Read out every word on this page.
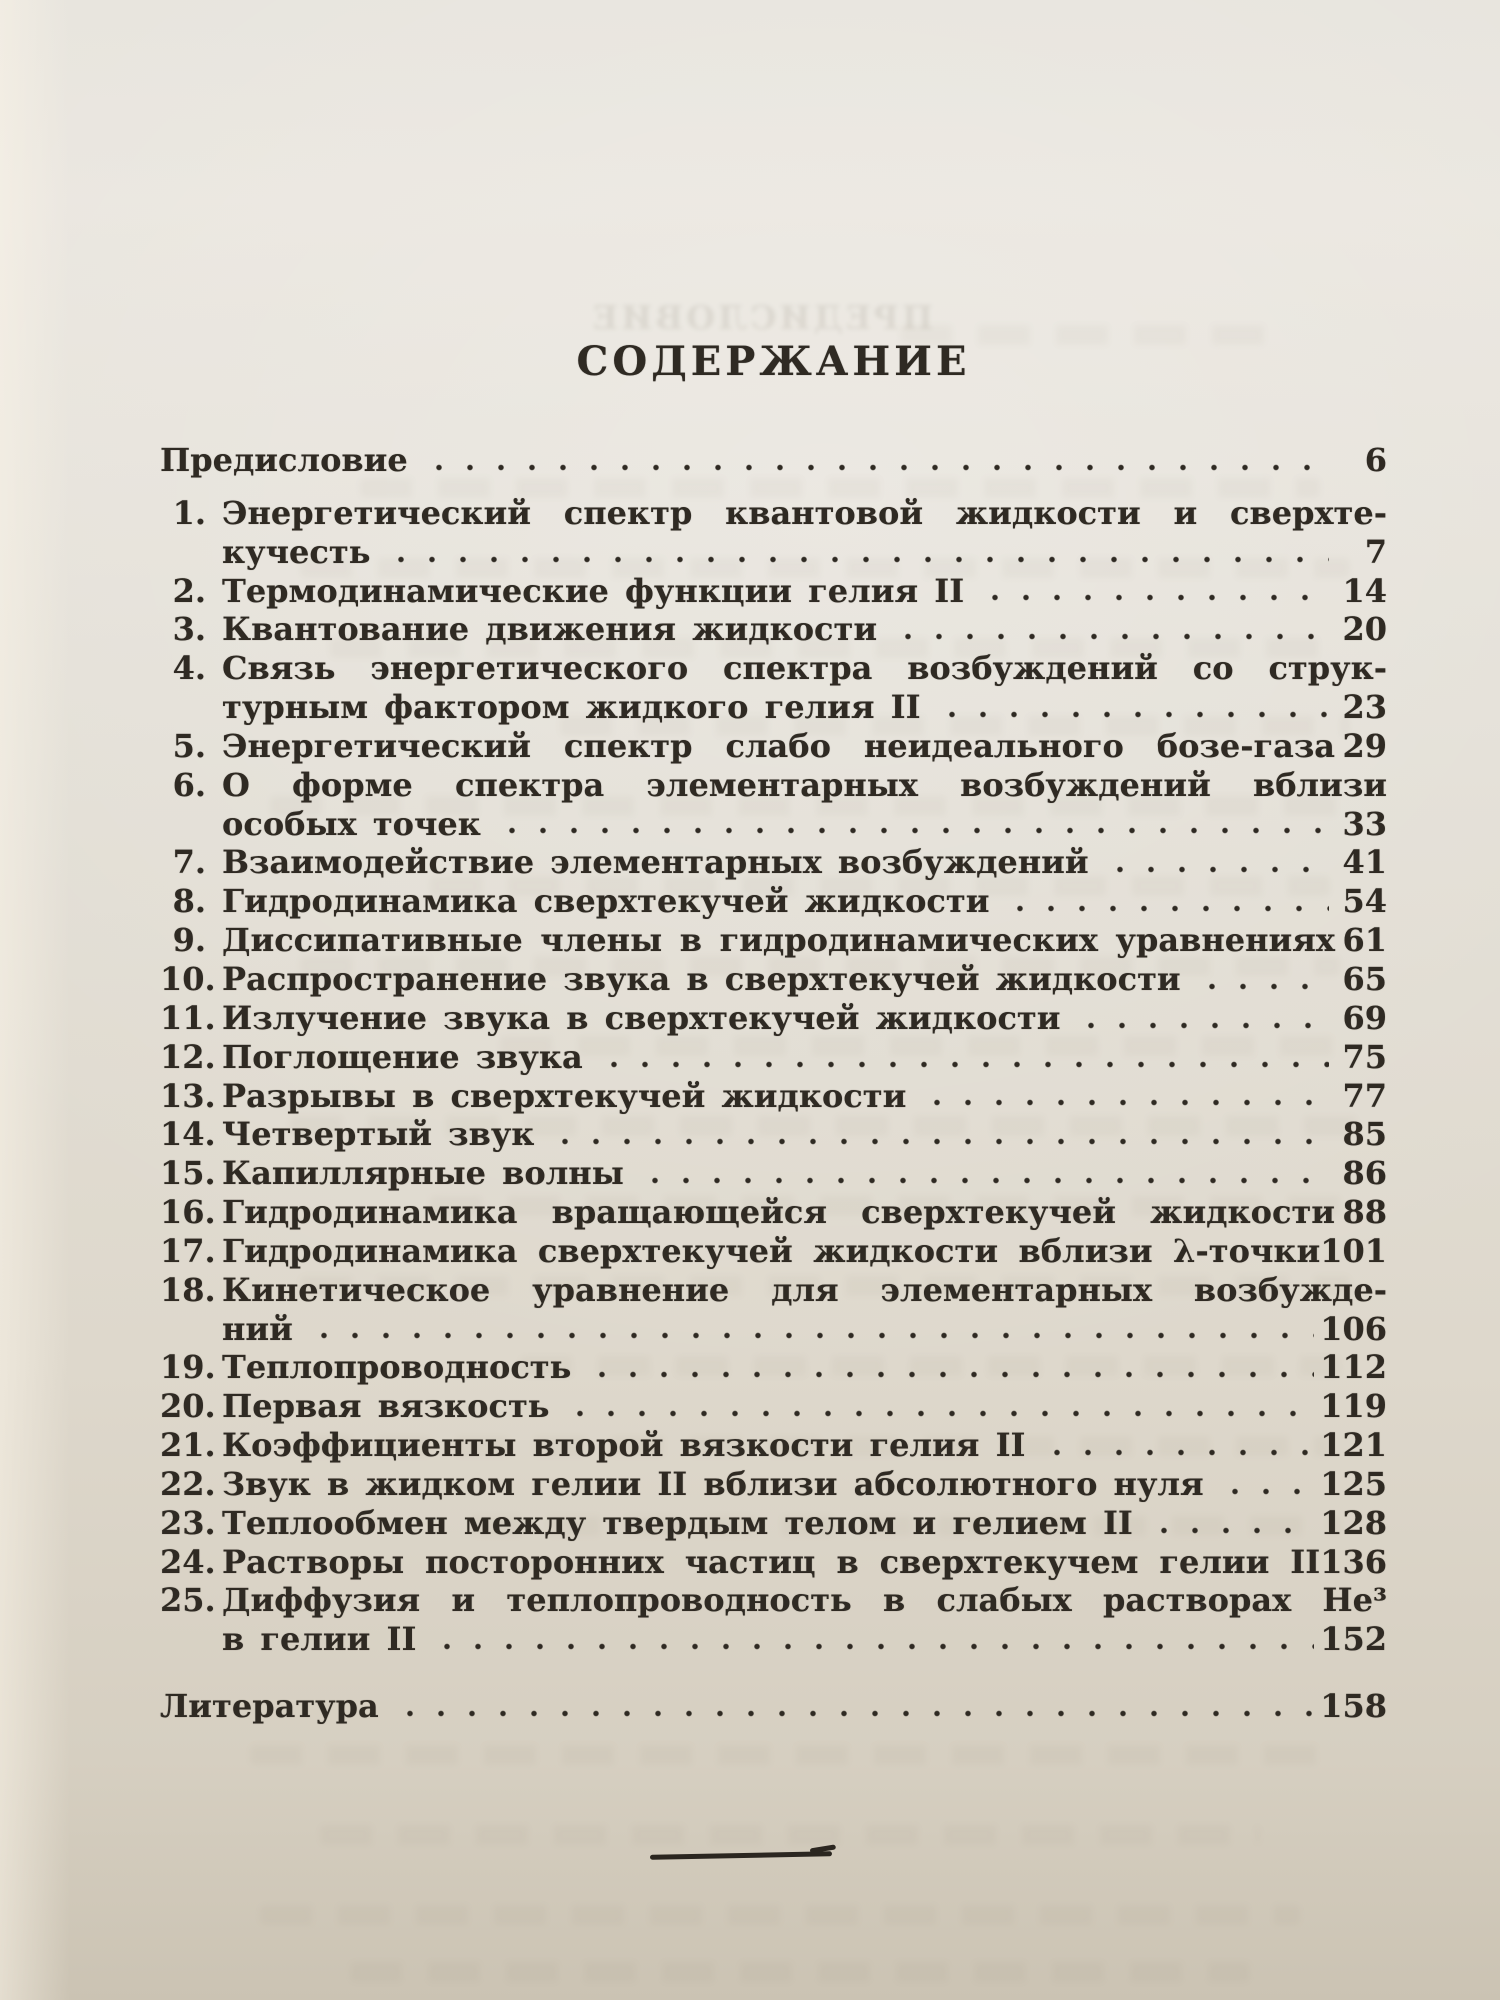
ПРЕДИСЛОВИЕ
СОДЕРЖАНИЕ
Предисловие	6
1. Энергетический спектр квантовой жидкости и сверхте-
кучесть	7
2. Термодинамические функции гелия II	14
3. Квантование движения жидкости	20
4. Связь энергетического спектра возбуждений со струк-
турным фактором жидкого гелия II	23
5. Энергетический спектр слабо неидеального бозе-газа 29
6. О форме спектра элементарных возбуждений вблизи
особых точек	33
7. Взаимодействие элементарных возбуждений	41
8. Гидродинамика сверхтекучей жидкости	54
9. Диссипативные члены в гидродинамических уравнениях 61
10. Распространение звука в сверхтекучей жидкости	65
11. Излучение звука в сверхтекучей жидкости	69
12. Поглощение звука	75
13. Разрывы в сверхтекучей жидкости	77
14. Четвертый звук	85
15. Капиллярные волны	86
16. Гидродинамика вращающейся сверхтекучей жидкости 88
17. Гидродинамика сверхтекучей жидкости вблизи λ-точки 101
18. Кинетическое уравнение для элементарных возбужде-
ний	106
19. Теплопроводность	112
20. Первая вязкость	119
21. Коэффициенты второй вязкости гелия II	121
22. Звук в жидком гелии II вблизи абсолютного нуля	125
23. Теплообмен между твердым телом и гелием II	128
24. Растворы посторонних частиц в сверхтекучем гелии II 136
25. Диффузия и теплопроводность в слабых растворах He³
в гелии II	152
Литература	158
